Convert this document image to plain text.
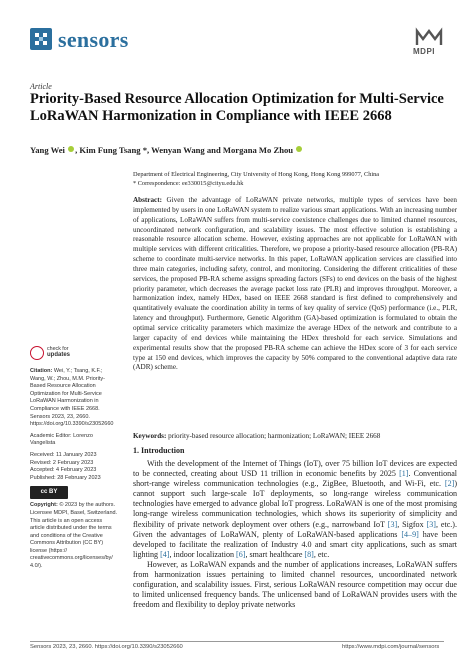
sensors	MDPI
Article
Priority-Based Resource Allocation Optimization for Multi-Service LoRaWAN Harmonization in Compliance with IEEE 2668
Yang Wei , Kim Fung Tsang *, Wenyan Wang and Morgana Mo Zhou
Department of Electrical Engineering, City University of Hong Kong, Hong Kong 999077, China
* Correspondence: ee330015@cityu.edu.hk
Abstract: Given the advantage of LoRaWAN private networks, multiple types of services have been implemented by users in one LoRaWAN system to realize various smart applications. With an increasing number of applications, LoRaWAN suffers from multi-service coexistence challenges due to limited channel resources, uncoordinated network configuration, and scalability issues. The most effective solution is establishing a reasonable resource allocation scheme. However, existing approaches are not applicable for LoRaWAN with multiple services with different criticalities. Therefore, we propose a priority-based resource allocation (PB-RA) scheme to coordinate multi-service networks. In this paper, LoRaWAN application services are classified into three main categories, including safety, control, and monitoring. Considering the different criticalities of these services, the proposed PB-RA scheme assigns spreading factors (SFs) to end devices on the basis of the highest priority parameter, which decreases the average packet loss rate (PLR) and improves throughput. Moreover, a harmonization index, namely HDex, based on IEEE 2668 standard is first defined to comprehensively and quantitatively evaluate the coordination ability in terms of key quality of service (QoS) performance (i.e., PLR, latency and throughput). Furthermore, Genetic Algorithm (GA)-based optimization is formulated to obtain the optimal service criticality parameters which maximize the average HDex of the network and contribute to a larger capacity of end devices while maintaining the HDex threshold for each service. Simulations and experimental results show that the proposed PB-RA scheme can achieve the HDex score of 3 for each service type at 150 end devices, which improves the capacity by 50% compared to the conventional adaptive data rate (ADR) scheme.
Keywords: priority-based resource allocation; harmonization; LoRaWAN; IEEE 2668
check for
updates
Citation: Wei, Y.; Tsang, K.F.; Wang, W.; Zhou, M.M. Priority-Based Resource Allocation Optimization for Multi-Service LoRaWAN Harmonization in Compliance with IEEE 2668. Sensors 2023, 23, 2660. https://doi.org/10.3390/s23052660
Academic Editor: Lorenzo Vangelista
Received: 11 January 2023
Revised: 2 February 2023
Accepted: 4 February 2023
Published: 28 February 2023
cc BY
Copyright: © 2023 by the authors. Licensee MDPI, Basel, Switzerland. This article is an open access article distributed under the terms and conditions of the Creative Commons Attribution (CC BY) license (https:// creativecommons.org/licenses/by/ 4.0/).
1. Introduction

With the development of the Internet of Things (IoT), over 75 billion IoT devices are expected to be connected, creating about USD 11 trillion in economic benefits by 2025 [1]. Conventional short-range wireless communication technologies (e.g., ZigBee, Bluetooth, and Wi-Fi, etc. [2]) cannot support such large-scale IoT deployments, so long-range wireless communication technologies have emerged to advance global IoT progress. LoRaWAN is one of the most promising long-range wireless communication technologies, which shows its superiority of simplicity and flexibility of private network deployment over others (e.g., narrowband IoT [3], Sigfox [3], etc.). Given the advantages of LoRaWAN, plenty of LoRaWAN-based applications [4–9] have been developed to facilitate the realization of Industry 4.0 and smart city applications, such as smart lighting [4], indoor localization [6], smart healthcare [8], etc.

However, as LoRaWAN expands and the number of applications increases, LoRaWAN suffers from harmonization issues pertaining to limited channel resources, uncoordinated network configuration, and scalability issues. First, serious LoRaWAN resource competition may occur due to limited unlicensed frequency bands. The unlicensed band of LoRaWAN provides users with the freedom and flexibility to deploy private networks

Sensors 2023, 23, 2660. https://doi.org/10.3390/s23052660	https://www.mdpi.com/journal/sensors
